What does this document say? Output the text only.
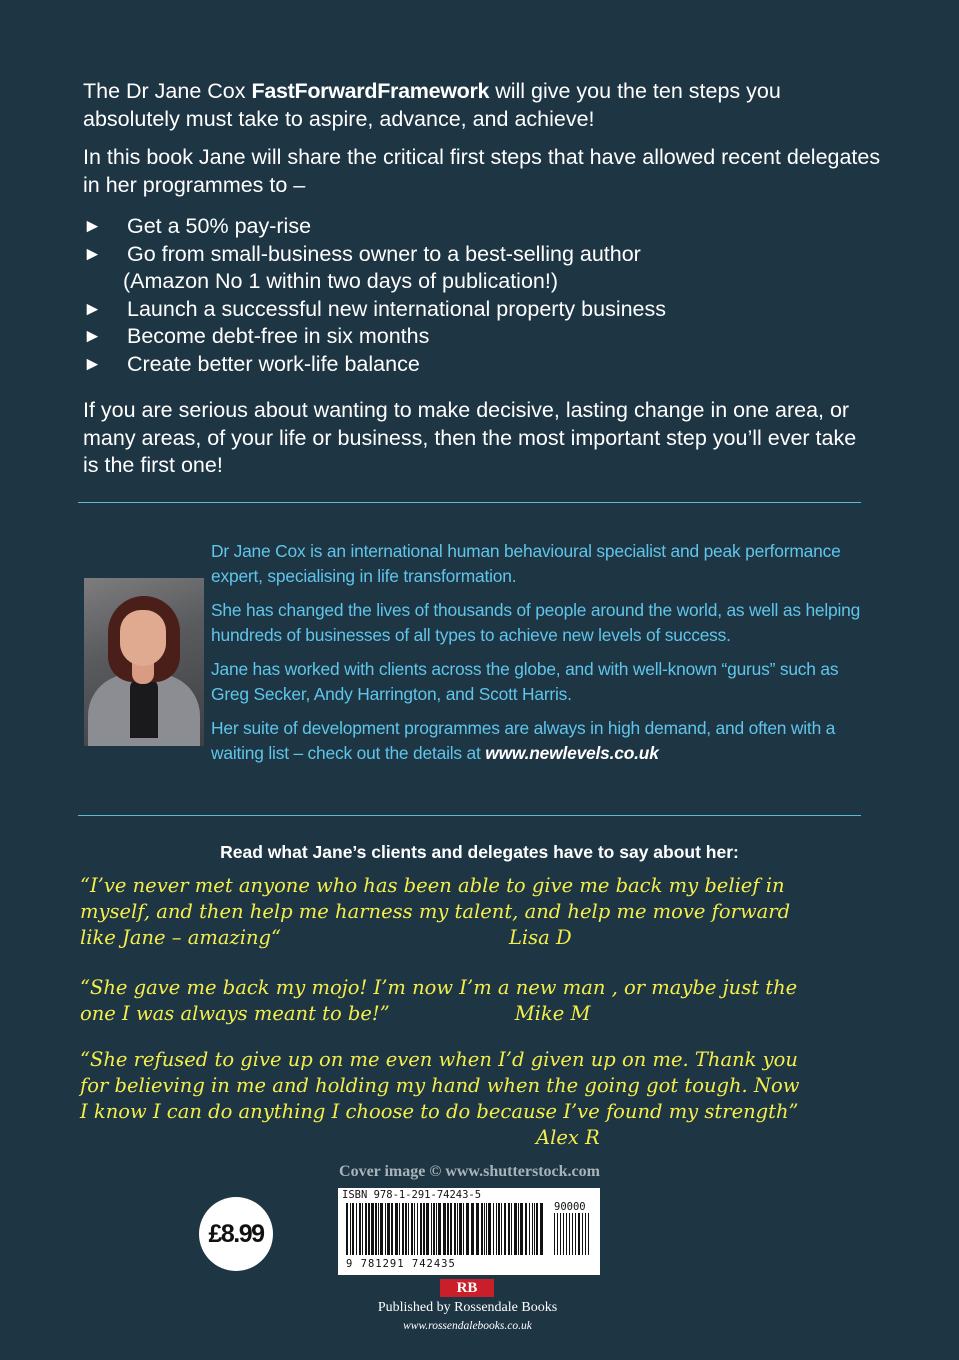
The Dr Jane Cox FastForwardFramework will give you the ten steps you absolutely must take to aspire, advance, and achieve!

In this book Jane will share the critical first steps that have allowed recent delegates in her programmes to –

► Get a 50% pay-rise
► Go from small-business owner to a best-selling author
(Amazon No 1 within two days of publication!)
► Launch a successful new international property business
► Become debt-free in six months
► Create better work-life balance

If you are serious about wanting to make decisive, lasting change in one area, or many areas, of your life or business, then the most important step you’ll ever take is the first one!

Dr Jane Cox is an international human behavioural specialist and peak performance expert, specialising in life transformation.

She has changed the lives of thousands of people around the world, as well as helping hundreds of businesses of all types to achieve new levels of success.

Jane has worked with clients across the globe, and with well-known “gurus” such as Greg Secker, Andy Harrington, and Scott Harris.

Her suite of development programmes are always in high demand, and often with a waiting list – check out the details at www.newlevels.co.uk

Read what Jane’s clients and delegates have to say about her:

“I’ve never met anyone who has been able to give me back my belief in

myself, and then help me harness my talent, and help me move forward

like Jane – amazing“	Lisa D

“She gave me back my mojo! I’m now I’m a new man , or maybe just the

one I was always meant to be!”	Mike M

“She refused to give up on me even when I’d given up on me. Thank you

for believing in me and holding my hand when the going got tough. Now

I know I can do anything I choose to do because I’ve found my strength”

Alex R

Cover image © www.shutterstock.com
£8.99
ISBN 978-1-291-74243-5
90000
9 781291 742435
RB
Published by Rossendale Books
www.rossendalebooks.co.uk
